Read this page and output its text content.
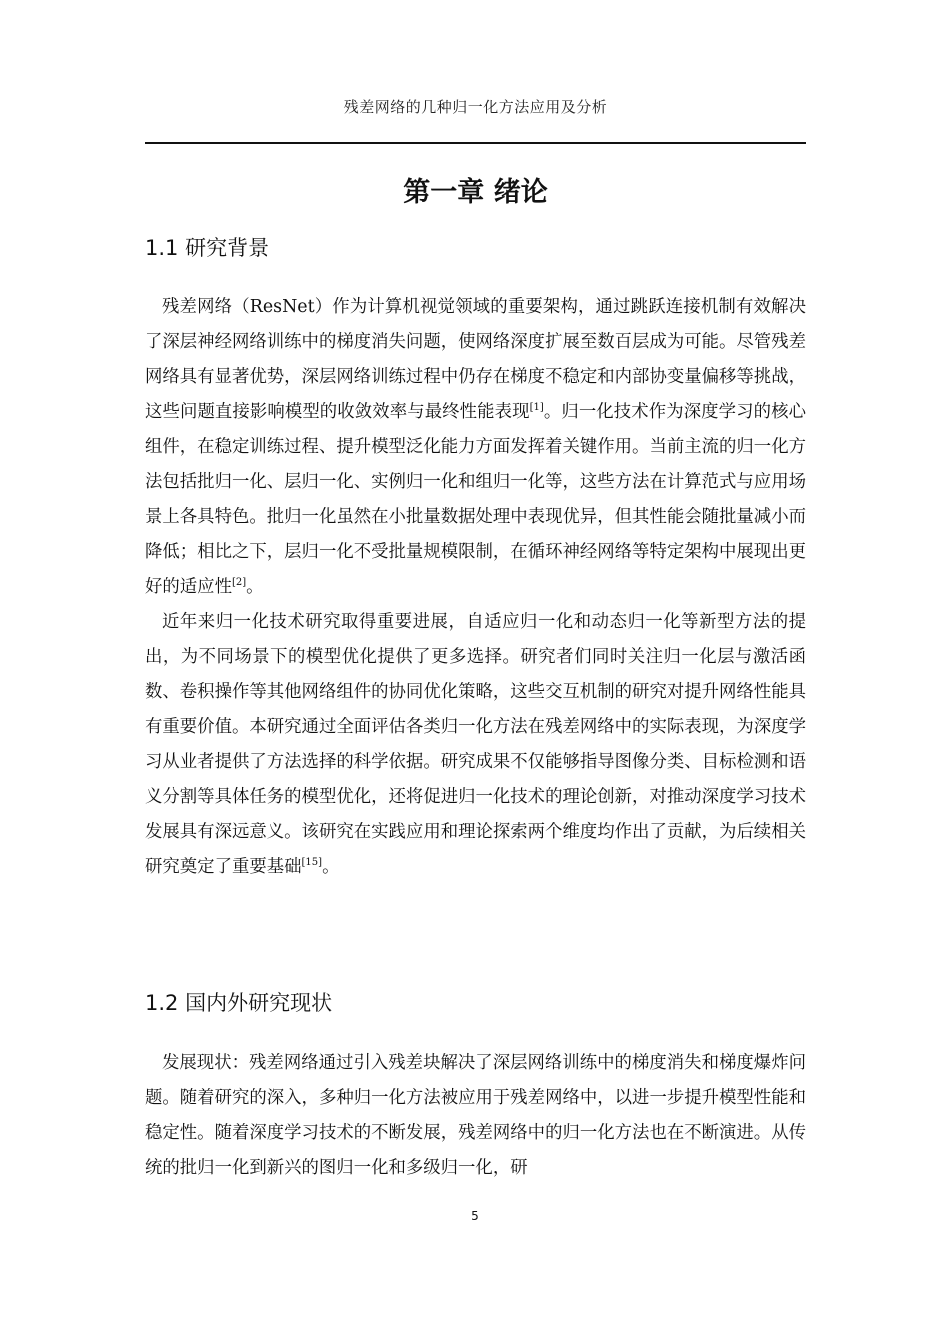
残差网络的几种归一化方法应用及分析
第一章 绪论
1.1 研究背景

残差网络（ResNet）作为计算机视觉领域的重要架构，通过跳跃连接机制有效解决了深层神经网络训练中的梯度消失问题，使网络深度扩展至数百层成为可能。尽管残差网络具有显著优势，深层网络训练过程中仍存在梯度不稳定和内部协变量偏移等挑战，这些问题直接影响模型的收敛效率与最终性能表现[1]。归一化技术作为深度学习的核心组件，在稳定训练过程、提升模型泛化能力方面发挥着关键作用。当前主流的归一化方法包括批归一化、层归一化、实例归一化和组归一化等，这些方法在计算范式与应用场景上各具特色。批归一化虽然在小批量数据处理中表现优异，但其性能会随批量减小而降低；相比之下，层归一化不受批量规模限制，在循环神经网络等特定架构中展现出更好的适应性[2]。

近年来归一化技术研究取得重要进展，自适应归一化和动态归一化等新型方法的提出，为不同场景下的模型优化提供了更多选择。研究者们同时关注归一化层与激活函数、卷积操作等其他网络组件的协同优化策略，这些交互机制的研究对提升网络性能具有重要价值。本研究通过全面评估各类归一化方法在残差网络中的实际表现，为深度学习从业者提供了方法选择的科学依据。研究成果不仅能够指导图像分类、目标检测和语义分割等具体任务的模型优化，还将促进归一化技术的理论创新，对推动深度学习技术发展具有深远意义。该研究在实践应用和理论探索两个维度均作出了贡献，为后续相关研究奠定了重要基础[15]。

1.2 国内外研究现状

发展现状：残差网络通过引入残差块解决了深层网络训练中的梯度消失和梯度爆炸问题。随着研究的深入，多种归一化方法被应用于残差网络中，以进一步提升模型性能和稳定性。随着深度学习技术的不断发展，残差网络中的归一化方法也在不断演进。从传统的批归一化到新兴的图归一化和多级归一化，研

5
